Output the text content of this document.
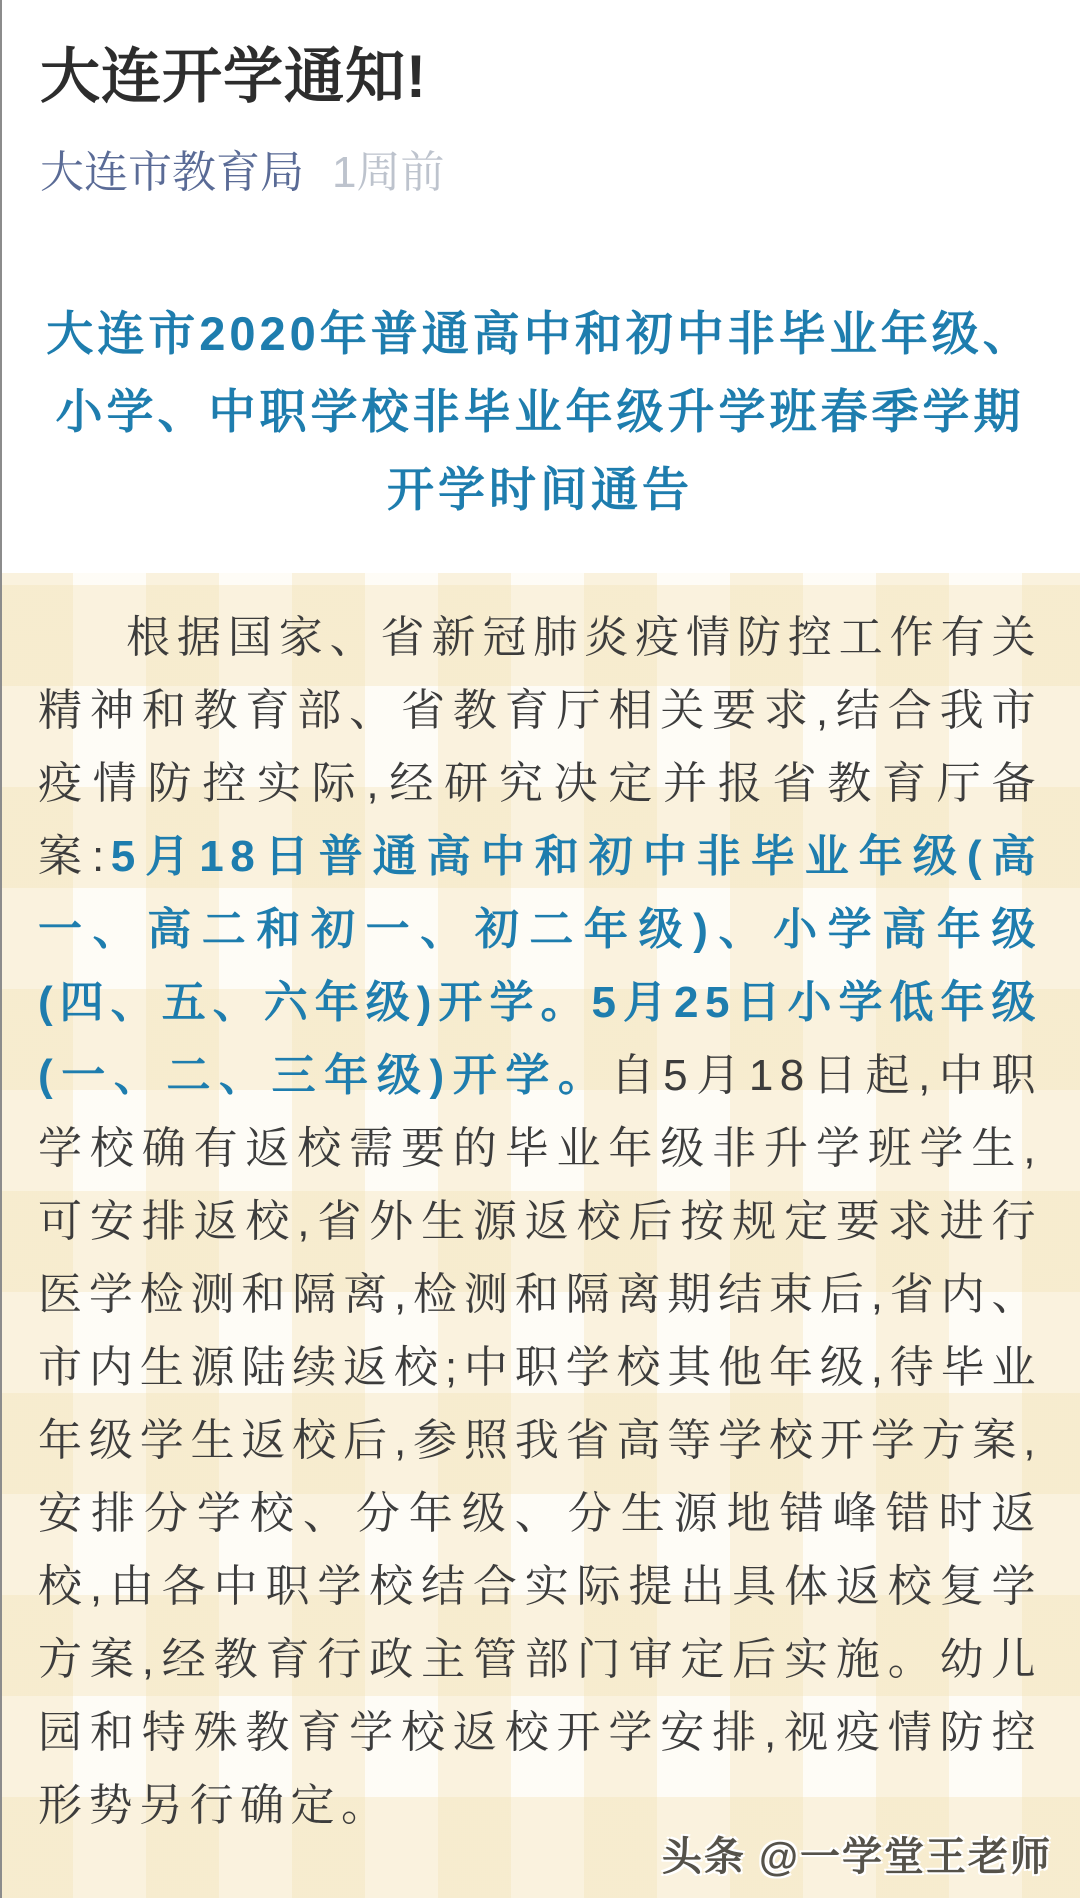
大连开学通知!
大连市教育局 1周前
大连市2020年普通高中和初中非毕业年级、
小学、中职学校非毕业年级升学班春季学期
开学时间通告

根据国家、省新冠肺炎疫情防控工作有关精神和教育部、省教育厅相关要求,结合我市疫情防控实际,经研究决定并报省教育厅备案:5月18日普通高中和初中非毕业年级(高一、高二和初一、初二年级)、小学高年级(四、五、六年级)开学。5月25日小学低年级(一、二、三年级)开学。自5月18日起,中职学校确有返校需要的毕业年级非升学班学生,可安排返校,省外生源返校后按规定要求进行医学检测和隔离,检测和隔离期结束后,省内、市内生源陆续返校;中职学校其他年级,待毕业年级学生返校后,参照我省高等学校开学方案,安排分学校、分年级、分生源地错峰错时返校,由各中职学校结合实际提出具体返校复学方案,经教育行政主管部门审定后实施。幼儿园和特殊教育学校返校开学安排,视疫情防控形势另行确定。

头条 @一学堂王老师
